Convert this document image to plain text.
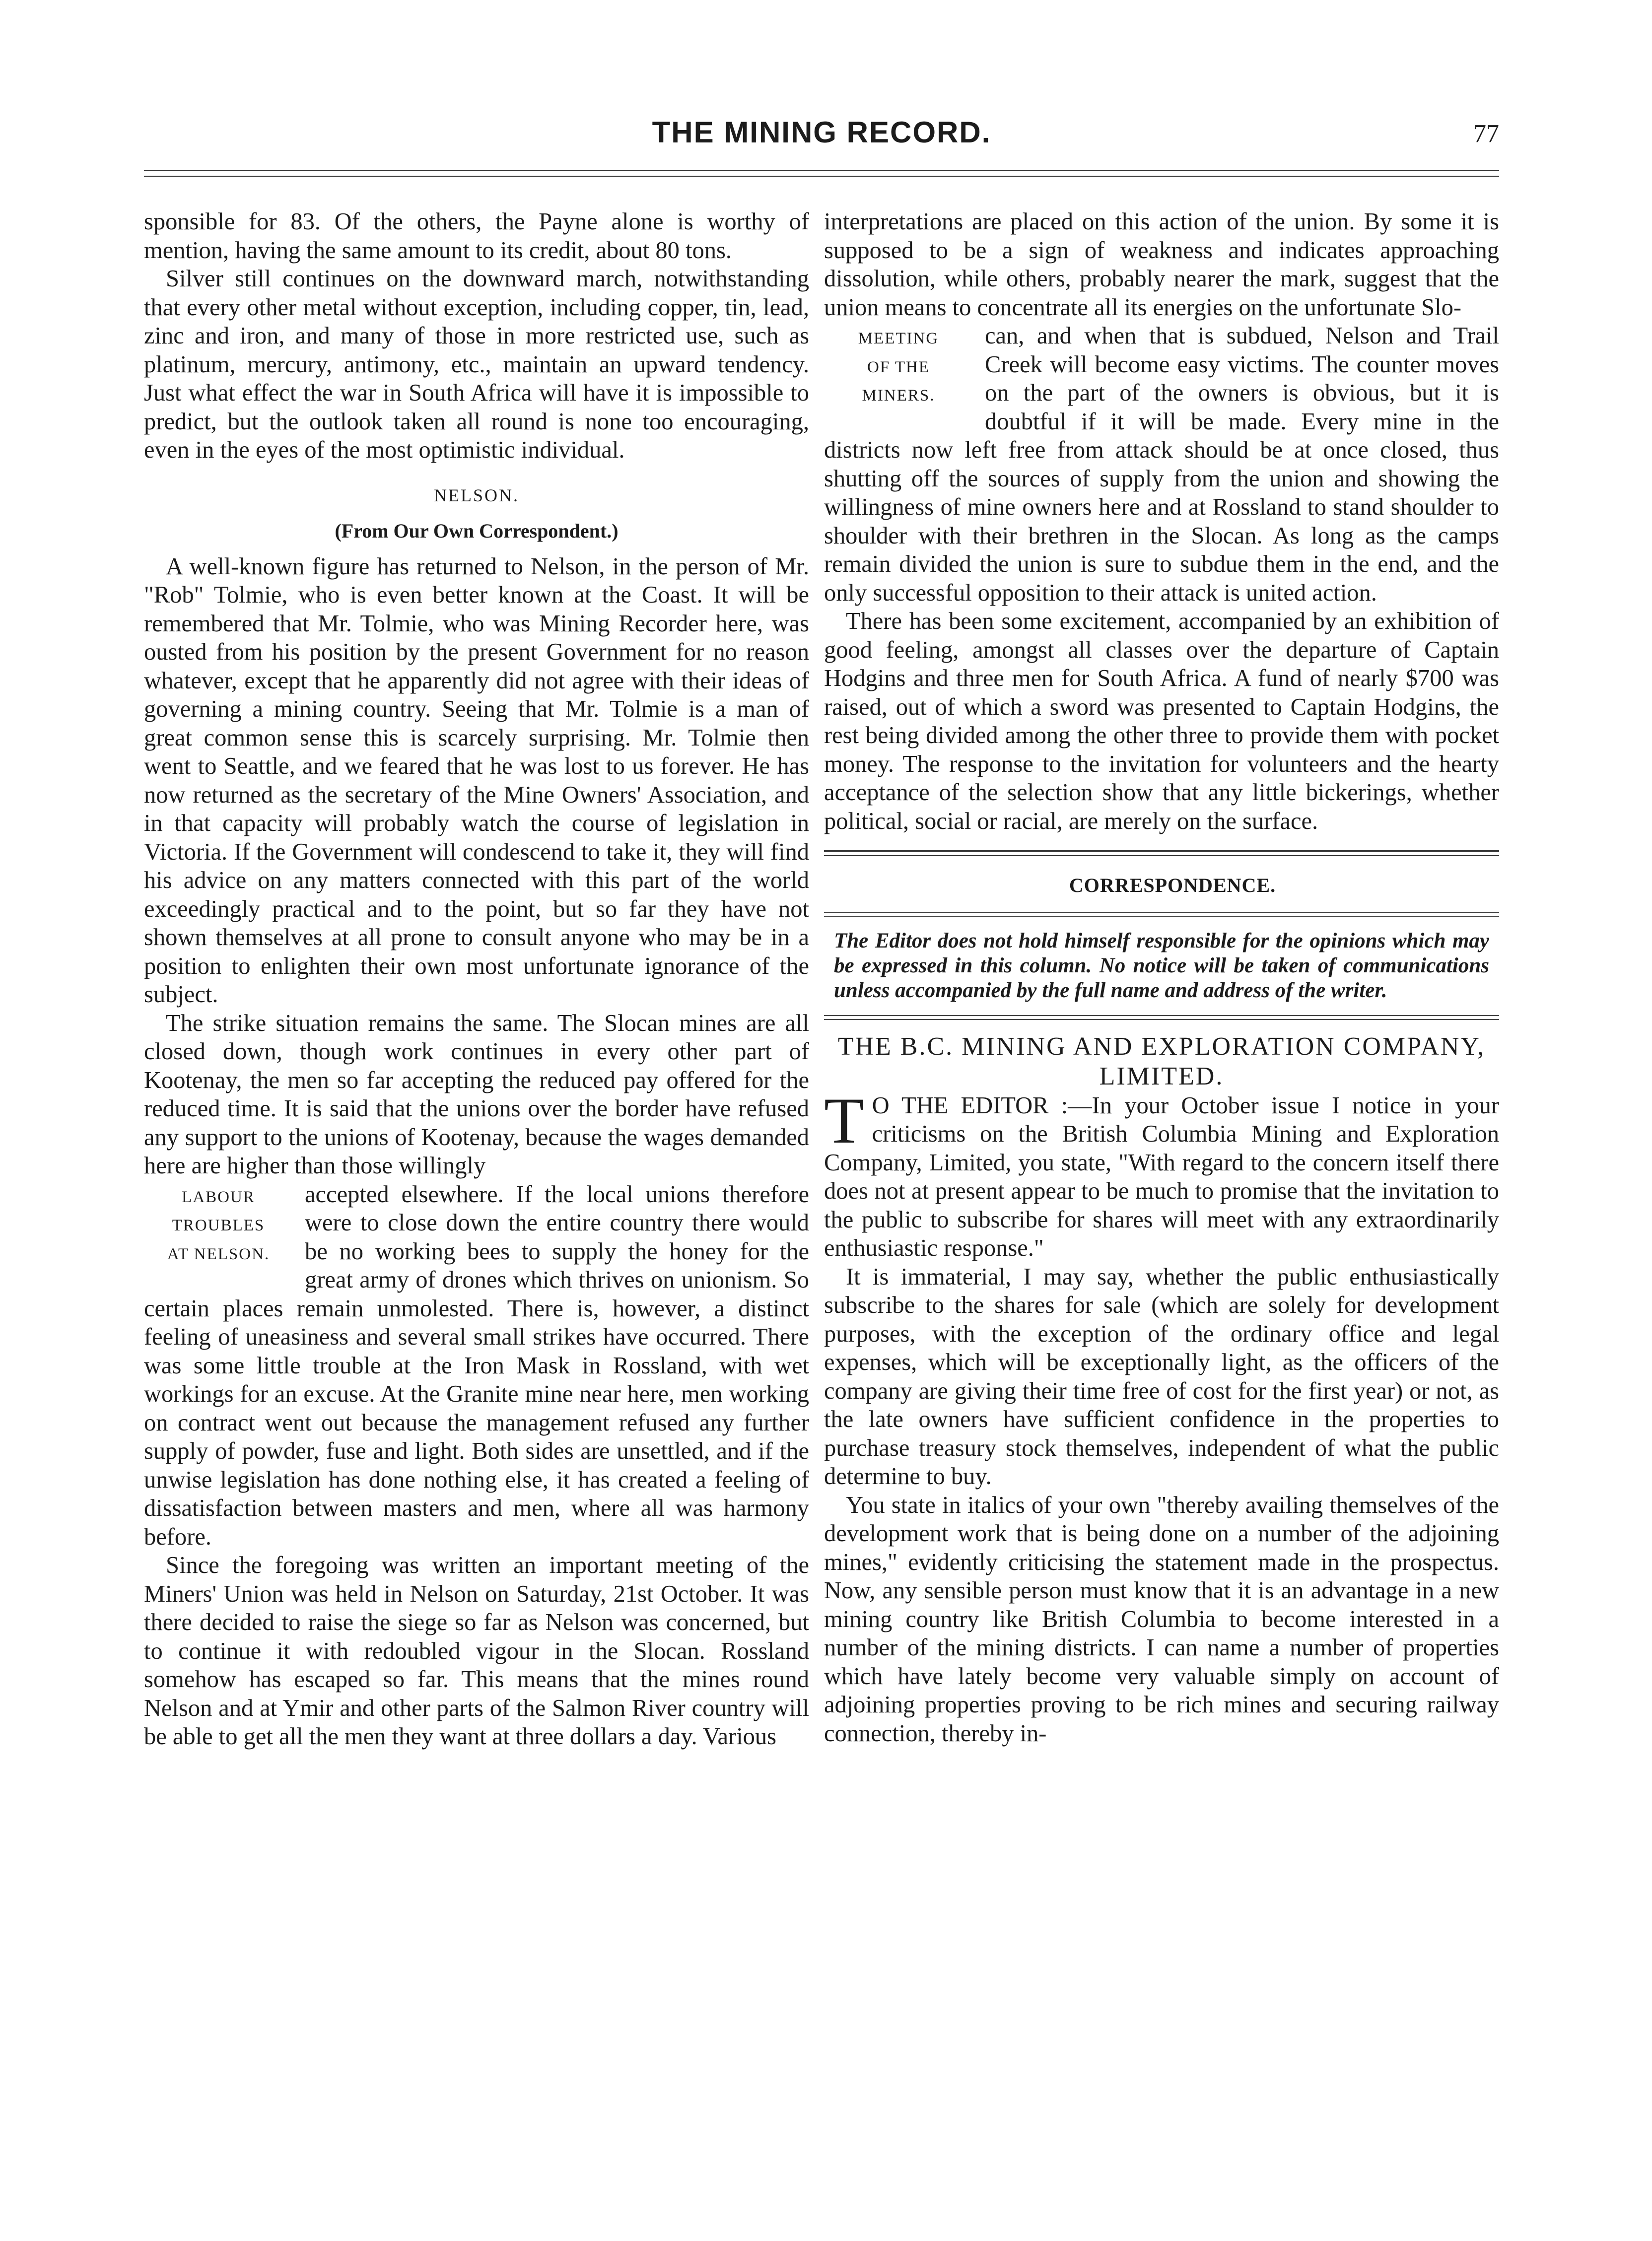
THE MINING RECORD.	77

sponsible for 83. Of the others, the Payne alone is worthy of mention, having the same amount to its credit, about 80 tons.

Silver still continues on the downward march, notwithstanding that every other metal without exception, including copper, tin, lead, zinc and iron, and many of those in more restricted use, such as platinum, mercury, antimony, etc., maintain an upward tendency. Just what effect the war in South Africa will have it is impossible to predict, but the outlook taken all round is none too encouraging, even in the eyes of the most optimistic individual.

NELSON.

(From Our Own Correspondent.)

A well-known figure has returned to Nelson, in the person of Mr. "Rob" Tolmie, who is even better known at the Coast. It will be remembered that Mr. Tolmie, who was Mining Recorder here, was ousted from his position by the present Government for no reason whatever, except that he apparently did not agree with their ideas of governing a mining country. Seeing that Mr. Tolmie is a man of great common sense this is scarcely surprising. Mr. Tolmie then went to Seattle, and we feared that he was lost to us forever. He has now returned as the secretary of the Mine Owners' Association, and in that capacity will probably watch the course of legislation in Victoria. If the Government will condescend to take it, they will find his advice on any matters connected with this part of the world exceedingly practical and to the point, but so far they have not shown themselves at all prone to consult anyone who may be in a position to enlighten their own most unfortunate ignorance of the subject.

The strike situation remains the same. The Slocan mines are all closed down, though work continues in every other part of Kootenay, the men so far accepting the reduced pay offered for the reduced time. It is said that the unions over the border have refused any support to the unions of Kootenay, because the wages demanded here are higher than those willingly

LABOUR
TROUBLES
AT NELSON.

accepted elsewhere. If the local unions therefore were to close down the entire country there would be no working bees to supply the honey for the great army of drones which thrives on unionism. So certain places remain unmolested. There is, however, a distinct feeling of uneasiness and several small strikes have occurred. There was some little trouble at the Iron Mask in Rossland, with wet workings for an excuse. At the Granite mine near here, men working on contract went out because the management refused any further supply of powder, fuse and light. Both sides are unsettled, and if the unwise legislation has done nothing else, it has created a feeling of dissatisfaction between masters and men, where all was harmony before.

Since the foregoing was written an important meeting of the Miners' Union was held in Nelson on Saturday, 21st October. It was there decided to raise the siege so far as Nelson was concerned, but to continue it with redoubled vigour in the Slocan. Rossland somehow has escaped so far. This means that the mines round Nelson and at Ymir and other parts of the Salmon River country will be able to get all the men they want at three dollars a day. Various

interpretations are placed on this action of the union. By some it is supposed to be a sign of weakness and indicates approaching dissolution, while others, probably nearer the mark, suggest that the union means to concentrate all its energies on the unfortunate Slo-

MEETING
OF THE
MINERS.

can, and when that is subdued, Nelson and Trail Creek will become easy victims. The counter moves on the part of the owners is obvious, but it is doubtful if it will be made. Every mine in the districts now left free from attack should be at once closed, thus shutting off the sources of supply from the union and showing the willingness of mine owners here and at Rossland to stand shoulder to shoulder with their brethren in the Slocan. As long as the camps remain divided the union is sure to subdue them in the end, and the only successful opposition to their attack is united action.

There has been some excitement, accompanied by an exhibition of good feeling, amongst all classes over the departure of Captain Hodgins and three men for South Africa. A fund of nearly $700 was raised, out of which a sword was presented to Captain Hodgins, the rest being divided among the other three to provide them with pocket money. The response to the invitation for volunteers and the hearty acceptance of the selection show that any little bickerings, whether political, social or racial, are merely on the surface.

CORRESPONDENCE.

The Editor does not hold himself responsible for the opinions which may be expressed in this column. No notice will be taken of communications unless accompanied by the full name and address of the writer.

THE B.C. MINING AND EXPLORATION COMPANY, LIMITED.

T O THE EDITOR :—In your October issue I notice in your criticisms on the British Columbia Mining and Exploration Company, Limited, you state, "With regard to the concern itself there does not at present appear to be much to promise that the invitation to the public to subscribe for shares will meet with any extraordinarily enthusiastic response."

It is immaterial, I may say, whether the public enthusiastically subscribe to the shares for sale (which are solely for development purposes, with the exception of the ordinary office and legal expenses, which will be exceptionally light, as the officers of the company are giving their time free of cost for the first year) or not, as the late owners have sufficient confidence in the properties to purchase treasury stock themselves, independent of what the public determine to buy.

You state in italics of your own "thereby availing themselves of the development work that is being done on a number of the adjoining mines," evidently criticising the statement made in the prospectus. Now, any sensible person must know that it is an advantage in a new mining country like British Columbia to become interested in a number of the mining districts. I can name a number of properties which have lately become very valuable simply on account of adjoining properties proving to be rich mines and securing railway connection, thereby in-
